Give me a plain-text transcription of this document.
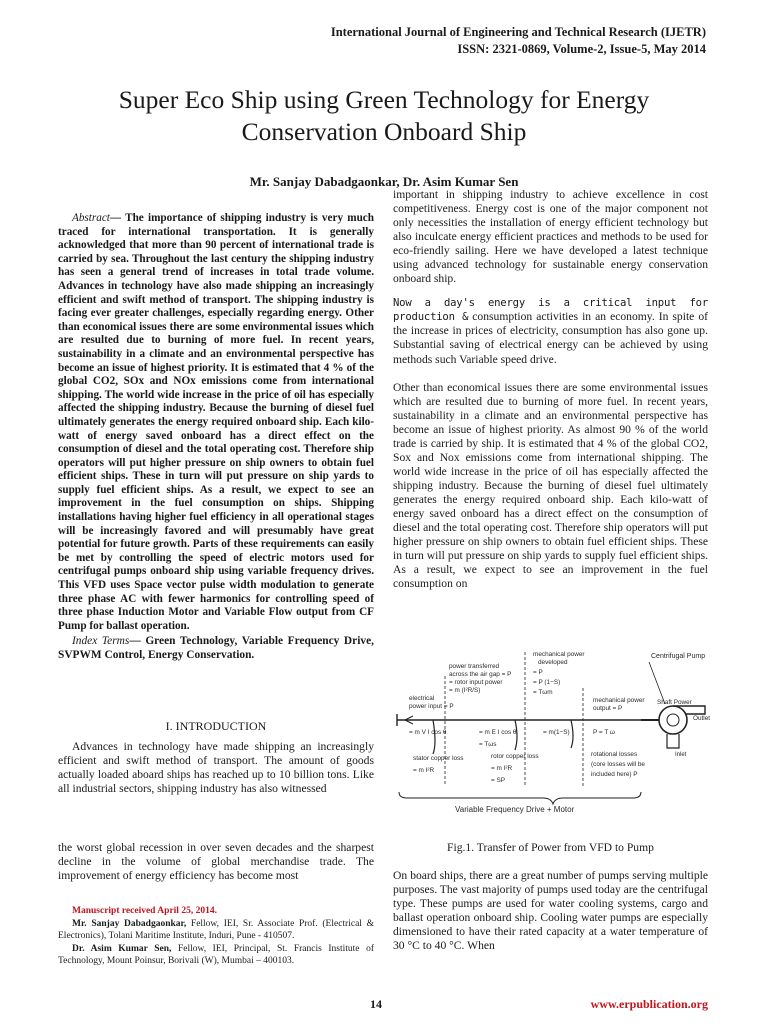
International Journal of Engineering and Technical Research (IJETR)
ISSN: 2321-0869, Volume-2, Issue-5, May 2014
Super Eco Ship using Green Technology for Energy
Conservation Onboard Ship
Mr. Sanjay Dabadgaonkar, Dr. Asim Kumar Sen
Abstract— The importance of shipping industry is very much traced for international transportation. It is generally acknowledged that more than 90 percent of international trade is carried by sea. Throughout the last century the shipping industry has seen a general trend of increases in total trade volume. Advances in technology have also made shipping an increasingly efficient and swift method of transport. The shipping industry is facing ever greater challenges, especially regarding energy. Other than economical issues there are some environmental issues which are resulted due to burning of more fuel. In recent years, sustainability in a climate and an environmental perspective has become an issue of highest priority. It is estimated that 4 % of the global CO2, SOx and NOx emissions come from international shipping. The world wide increase in the price of oil has especially affected the shipping industry. Because the burning of diesel fuel ultimately generates the energy required onboard ship. Each kilo-watt of energy saved onboard has a direct effect on the consumption of diesel and the total operating cost. Therefore ship operators will put higher pressure on ship owners to obtain fuel efficient ships. These in turn will put pressure on ship yards to supply fuel efficient ships. As a result, we expect to see an improvement in the fuel consumption on ships. Shipping installations having higher fuel efficiency in all operational stages will be increasingly favored and will presumably have great potential for future growth. Parts of these requirements can easily be met by controlling the speed of electric motors used for centrifugal pumps onboard ship using variable frequency drives. This VFD uses Space vector pulse width modulation to generate three phase AC with fewer harmonics for controlling speed of three phase Induction Motor and Variable Flow output from CF Pump for ballast operation.
Index Terms— Green Technology, Variable Frequency Drive, SVPWM Control, Energy Conservation.
I. INTRODUCTION

Advances in technology have made shipping an increasingly efficient and swift method of transport. The amount of goods actually loaded aboard ships has reached up to 10 billion tons. Like all industrial sectors, shipping industry has also witnessed

the worst global recession in over seven decades and the sharpest decline in the volume of global merchandise trade. The improvement of energy efficiency has become most
Manuscript received April 25, 2014.

Mr. Sanjay Dabadgaonkar, Fellow, IEI, Sr. Associate Prof. (Electrical & Electronics), Tolani Maritime Institute, Induri, Pune - 410507.

Dr. Asim Kumar Sen, Fellow, IEI, Principal, St. Francis Institute of Technology, Mount Poinsur, Borivali (W), Mumbai – 400103.

important in shipping industry to achieve excellence in cost competitiveness. Energy cost is one of the major component not only necessities the installation of energy efficient technology but also inculcate energy efficient practices and methods to be used for eco-friendly sailing. Here we have developed a latest technique using advanced technology for sustainable energy conservation onboard ship.

Now a day's energy is a critical input for production & consumption activities in an economy. In spite of the increase in prices of electricity, consumption has also gone up. Substantial saving of electrical energy can be achieved by using methods such Variable speed drive.

Other than economical issues there are some environmental issues which are resulted due to burning of more fuel. In recent years, sustainability in a climate and an environmental perspective has become an issue of highest priority. As almost 90 % of the world trade is carried by ship. It is estimated that 4 % of the global CO2, Sox and Nox emissions come from international shipping. The world wide increase in the price of oil has especially affected the shipping industry. Because the burning of diesel fuel ultimately generates the energy required onboard ship. Each kilo-watt of energy saved onboard has a direct effect on the consumption of diesel and the total operating cost. Therefore ship operators will put higher pressure on ship owners to obtain fuel efficient ships. These in turn will put pressure on ship yards to supply fuel efficient ships. As a result, we expect to see an improvement in the fuel consumption on

mechanical power
developed
= P
= P (1−S)
= Tωm
power transferred
across the air gap = P
= rotor input power
= m (I²R/S)
electrical
power input = P
mechanical power
output = P
Centrifugal Pump
Shaft Power
Outlet
Inlet
= m V I cos θ	= m E I cos θ
= Tωs
= m(1−S)	P = T ω
stator copper loss
= m I²R
rotor copper loss
= m I²R
= SP
rotational losses
(core losses will be
included here) P
Variable Frequency Drive + Motor
Fig.1. Transfer of Power from VFD to Pump
On board ships, there are a great number of pumps serving multiple purposes. The vast majority of pumps used today are the centrifugal type. These pumps are used for water cooling systems, cargo and ballast operation onboard ship. Cooling water pumps are especially dimensioned to have their rated capacity at a water temperature of 30 °C to 40 °C. When
14	www.erpublication.org
